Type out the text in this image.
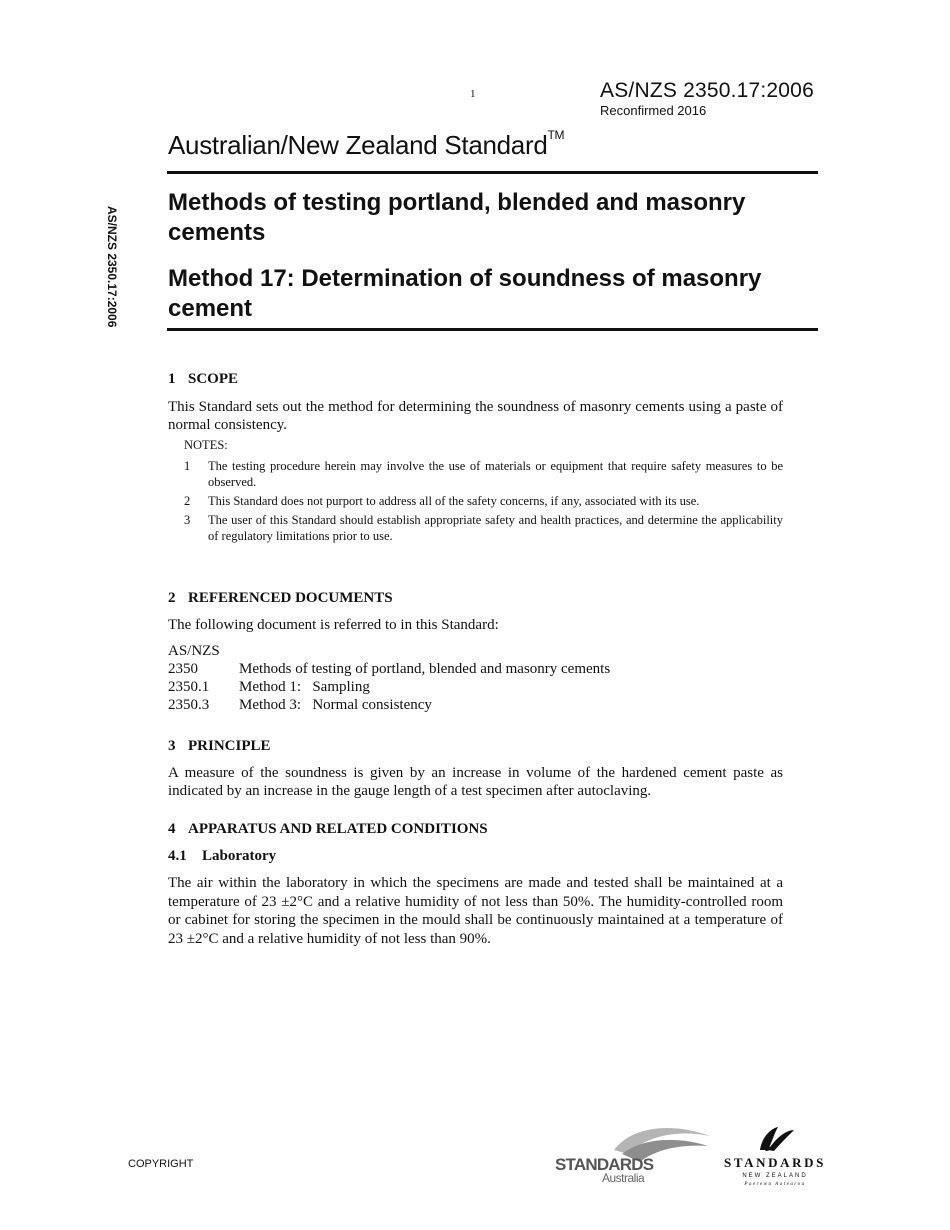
1	AS/NZS 2350.17:2006
Reconfirmed 2016
Australian/New Zealand Standard™
Methods of testing portland, blended and masonry cements
Method 17: Determination of soundness of masonry cement
AS/NZS 2350.17:2006
1 SCOPE
This Standard sets out the method for determining the soundness of masonry cements using a paste of normal consistency.
NOTES:
1	The testing procedure herein may involve the use of materials or equipment that require safety measures to be observed.
2	This Standard does not purport to address all of the safety concerns, if any, associated with its use.
3	The user of this Standard should establish appropriate safety and health practices, and determine the applicability of regulatory limitations prior to use.
2 REFERENCED DOCUMENTS
The following document is referred to in this Standard:
AS/NZS
2350	Methods of testing of portland, blended and masonry cements
2350.1	Method 1:   Sampling
2350.3	Method 3:   Normal consistency
3 PRINCIPLE
A measure of the soundness is given by an increase in volume of the hardened cement paste as indicated by an increase in the gauge length of a test specimen after autoclaving.
4 APPARATUS AND RELATED CONDITIONS
4.1 Laboratory
The air within the laboratory in which the specimens are made and tested shall be maintained at a temperature of 23 ±2°C and a relative humidity of not less than 50%. The humidity-controlled room or cabinet for storing the specimen in the mould shall be continuously maintained at a temperature of 23 ±2°C and a relative humidity of not less than 90%.
COPYRIGHT	STANDARDS
Australia
STANDARDS
NEW ZEALAND
Paerewa Aotearoa
